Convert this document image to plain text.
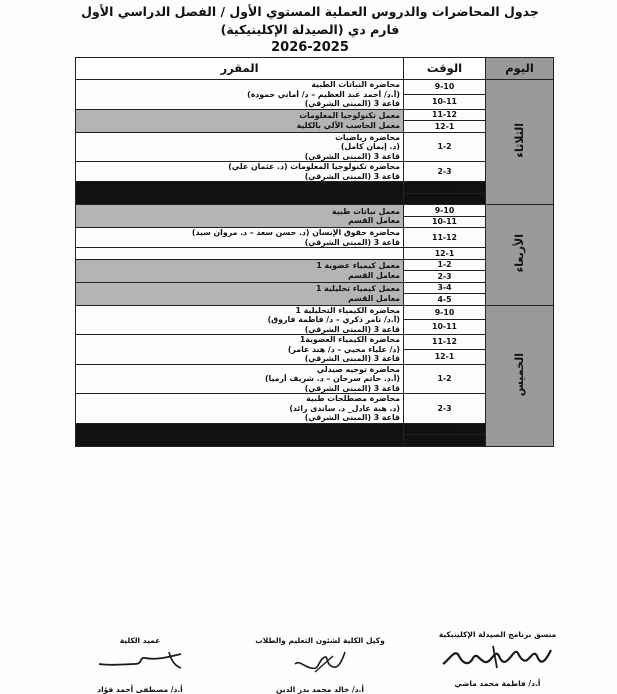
جدول المحاضرات والدروس العملية المستوي الأول / الفصل الدراسي الأول
فارم دي (الصيدلة الإكلينيكية)
2026-2025
اليوم	الوقت	المقرر
الثلاثاء	9-10	محاضرة النباتات الطبية
(أ.د/ أحمد عبد العظيم – د/ أماني حمودة)
قاعة 3 (المبنى الشرقي)

	10-11	
	11-12	معمل تكنولوجيا المعلومات
معمل الحاسب الآلي بالكلية

	12-1	
	1-2	محاضرة رياضيات
(د. إيمان كامل)
قاعة 3 (المبنى الشرقي)

	2-3	محاضرة تكنولوجيا المعلومات (د. عثمان علي)
قاعة 3 (المبنى الشرقي)

	3-4	
	4-5	
الأربعاء	9-10	معمل نباتات طبية
معامل القسم

	10-11	
	11-12	محاضرة حقوق الإنسان (د. حسن سعد – د. مروان سيد)
قاعة 3 (المبنى الشرقي)

	12-1	
	1-2	معمل كيمياء عضوية 1
معامل القسم

	2-3	
	3-4	معمل كيمياء تحليلية 1
معامل القسم

	4-5	
الخميس	9-10	محاضرة الكيمياء التحليلية 1
(أ.د/ تامر ذكري – د/ فاطمة فاروق)
قاعة 3 (المبنى الشرقي)

	10-11	
	11-12	محاضرة الكيمياء العضوية1
(د/ علياء محيي – د/ هند عامر)
قاعة 3 (المبنى الشرقي)

	12-1	
	1-2	محاضرة توجيه صيدلي
(أ.د. حاتم سرحان – د. شريف أرميا)
قاعة 3 (المبنى الشرقي)

	2-3	محاضرة مصطلحات طبية
(د. هبة عادل_ د. ساندى رائد)
قاعة 3 (المبنى الشرقي)

	3-4	
	4-5	
منسق برنامج الصيدلة الإكلينيكية
أ.د/ فاطمة محمد ماضي
وكيل الكلية لشئون التعليم والطلاب
أ.د/ خالد محمد بدر الدين
عميد الكلية
أ.د/ مصطفى أحمد فؤاد
